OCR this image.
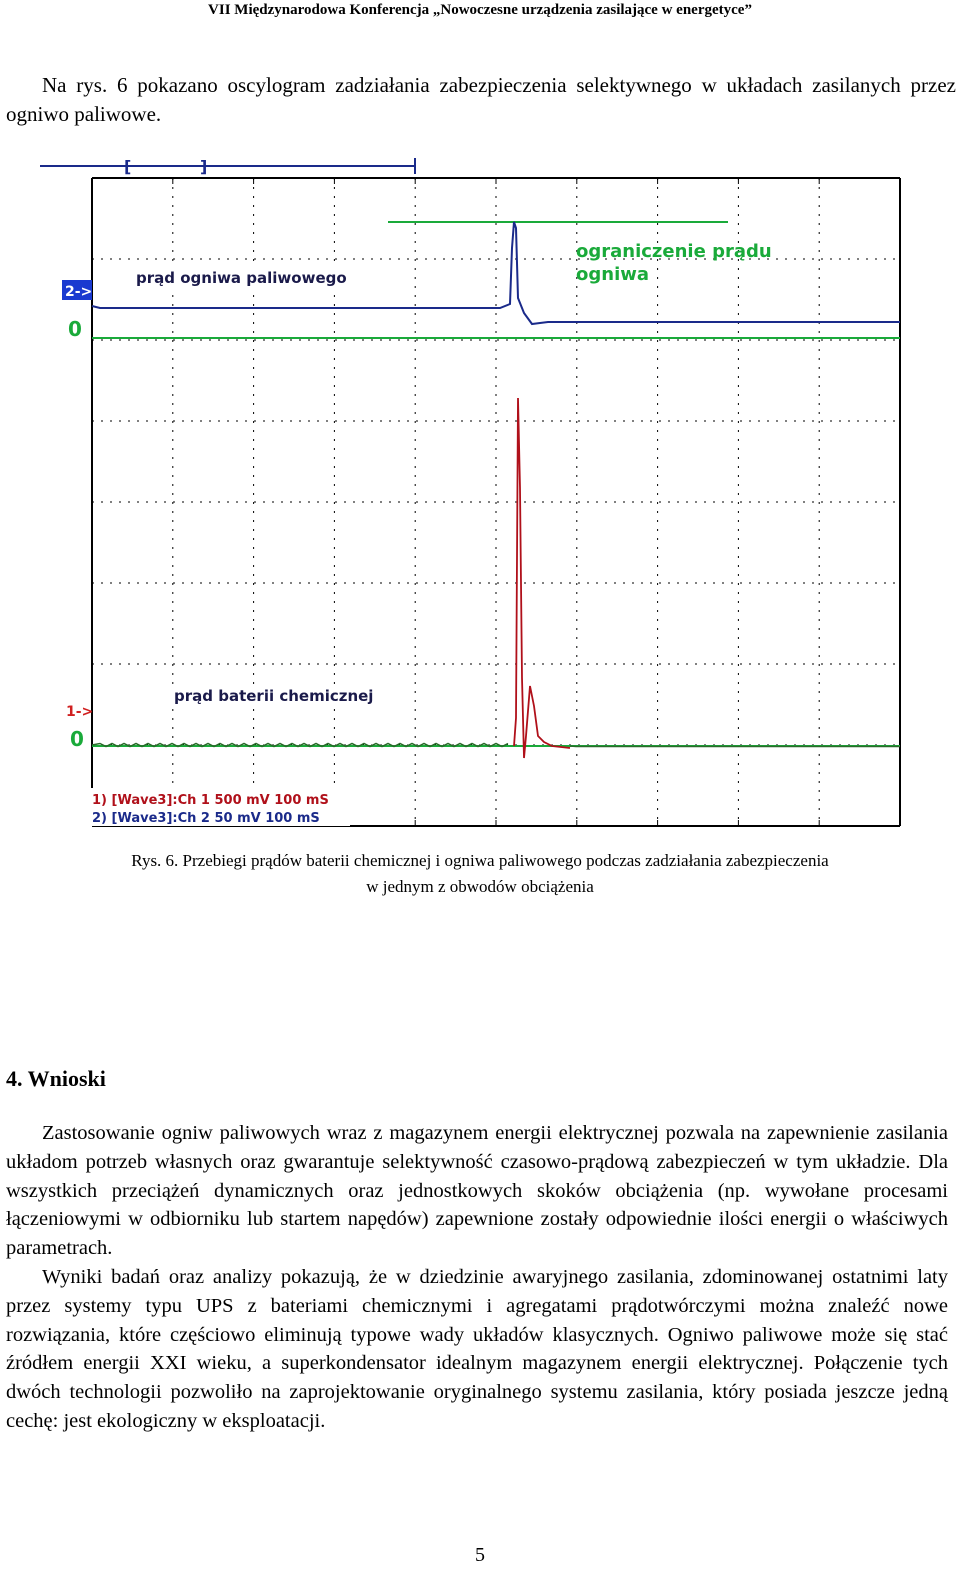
VII Międzynarodowa Konferencja „Nowoczesne urządzenia zasilające w energetyce”

Na rys. 6 pokazano oscylogram zadziałania zabezpieczenia selektywnego w układach zasilanych przez ogniwo paliwowe.

[	]
2->
0
1->
0
prąd ogniwa paliwowego
ograniczenie prądu
ogniwa
prąd baterii chemicznej
1) [Wave3]:Ch 1 500 mV 100 mS
2) [Wave3]:Ch 2 50 mV 100 mS

Rys. 6. Przebiegi prądów baterii chemicznej i ogniwa paliwowego podczas zadziałania zabezpieczenia
w jednym z obwodów obciążenia

4. Wnioski

Zastosowanie ogniw paliwowych wraz z magazynem energii elektrycznej pozwala na zapewnienie zasilania układom potrzeb własnych oraz gwarantuje selektywność czasowo-prądową zabezpieczeń w tym układzie. Dla wszystkich przeciążeń dynamicznych oraz jednostkowych skoków obciążenia (np. wywołane procesami łączeniowymi w odbiorniku lub startem napędów) zapewnione zostały odpowiednie ilości energii o właściwych parametrach.

Wyniki badań oraz analizy pokazują, że w dziedzinie awaryjnego zasilania, zdominowanej ostatnimi laty przez systemy typu UPS z bateriami chemicznymi i agregatami prądotwórczymi można znaleźć nowe rozwiązania, które częściowo eliminują typowe wady układów klasycznych. Ogniwo paliwowe może się stać źródłem energii XXI wieku, a superkondensator idealnym magazynem energii elektrycznej. Połączenie tych dwóch technologii pozwoliło na zaprojektowanie oryginalnego systemu zasilania, który posiada jeszcze jedną cechę: jest ekologiczny w eksploatacji.

5
